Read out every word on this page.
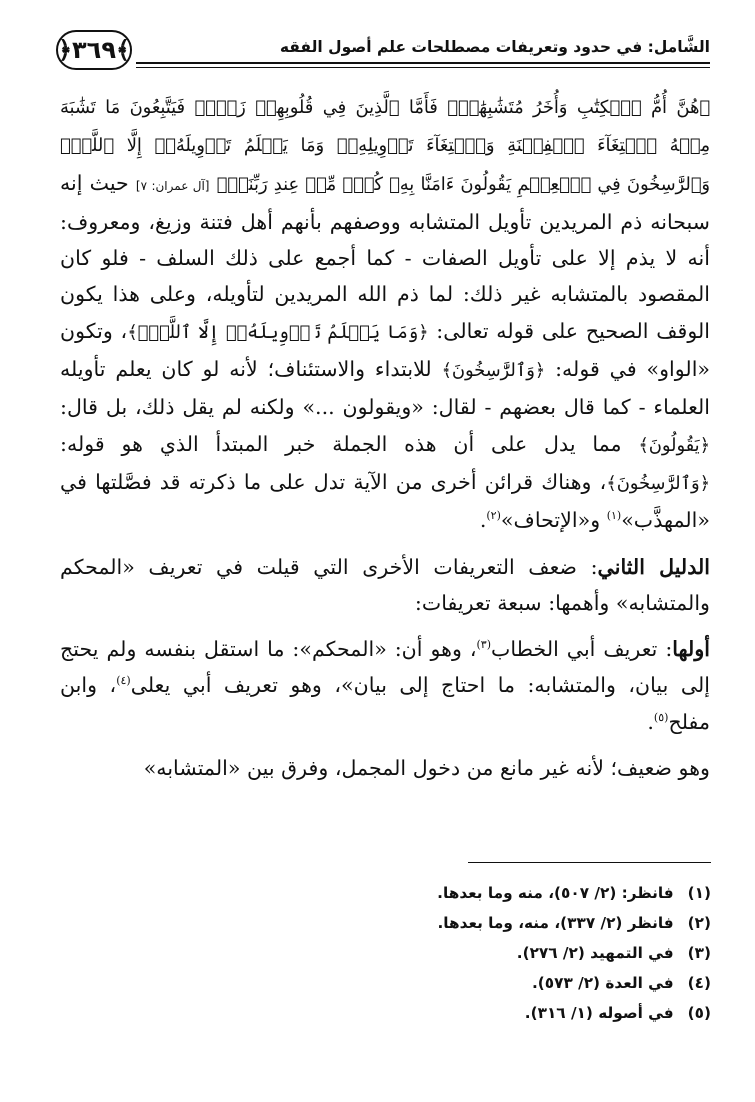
﴿٣٦٩﴾	الشَّامل: في حدود وتعريفات مصطلحات علم أصول الفقه

﴿هُنَّ أُمُّ ٱلۡكِتَٰبِ وَأُخَرُ مُتَشَٰبِهَٰتٞۖ فَأَمَّا ٱلَّذِينَ فِي قُلُوبِهِمۡ زَيۡغٞ فَيَتَّبِعُونَ مَا تَشَٰبَهَ مِنۡهُ ٱبۡتِغَآءَ ٱلۡفِتۡنَةِ وَٱبۡتِغَآءَ تَأۡوِيلِهِۦۖ وَمَا يَعۡلَمُ تَأۡوِيلَهُۥٓ إِلَّا ٱللَّهُۗ وَٱلرَّٰسِخُونَ فِي ٱلۡعِلۡمِ يَقُولُونَ ءَامَنَّا بِهِۦ كُلّٞ مِّنۡ عِندِ رَبِّنَاۗ﴾ [آل عمران: ٧] حيث إنه سبحانه ذم المريدين تأويل المتشابه ووصفهم بأنهم أهل فتنة وزيغ، ومعروف: أنه لا يذم إلا على تأويل الصفات - كما أجمع على ذلك السلف - فلو كان المقصود بالمتشابه غير ذلك: لما ذم الله المريدين لتأويله، وعلى هذا يكون الوقف الصحيح على قوله تعالى: ﴿وَمَا يَعۡلَمُ تَأۡوِيلَهُۥٓ إِلَّا ٱللَّهُۗ﴾، وتكون «الواو» في قوله: ﴿وَٱلرَّٰسِخُونَ﴾ للابتداء والاستئناف؛ لأنه لو كان يعلم تأويله العلماء - كما قال بعضهم - لقال: «ويقولون ...» ولكنه لم يقل ذلك، بل قال: ﴿يَقُولُونَ﴾ مما يدل على أن هذه الجملة خبر المبتدأ الذي هو قوله: ﴿وَٱلرَّٰسِخُونَ﴾، وهناك قرائن أخرى من الآية تدل على ما ذكرته قد فصَّلتها في «المهذَّب»$^{(١)}$ و«الإتحاف»$^{(٢)}$.

الدليل الثاني: ضعف التعريفات الأخرى التي قيلت في تعريف «المحكم والمتشابه» وأهمها: سبعة تعريفات:

أولها: تعريف أبي الخطاب$^{(٣)}$، وهو أن: «المحكم»: ما استقل بنفسه ولم يحتج إلى بيان، والمتشابه: ما احتاج إلى بيان»، وهو تعريف أبي يعلى$^{(٤)}$، وابن مفلح$^{(٥)}$.

وهو ضعيف؛ لأنه غير مانع من دخول المجمل، وفرق بين «المتشابه»

(١) فانظر: (٢/ ٥٠٧)، منه وما بعدها.
(٢) فانظر (٢/ ٣٣٧)، منه، وما بعدها.
(٣) في التمهيد (٢/ ٢٧٦).
(٤) في العدة (٢/ ٥٧٣).
(٥) في أصوله (١/ ٣١٦).
